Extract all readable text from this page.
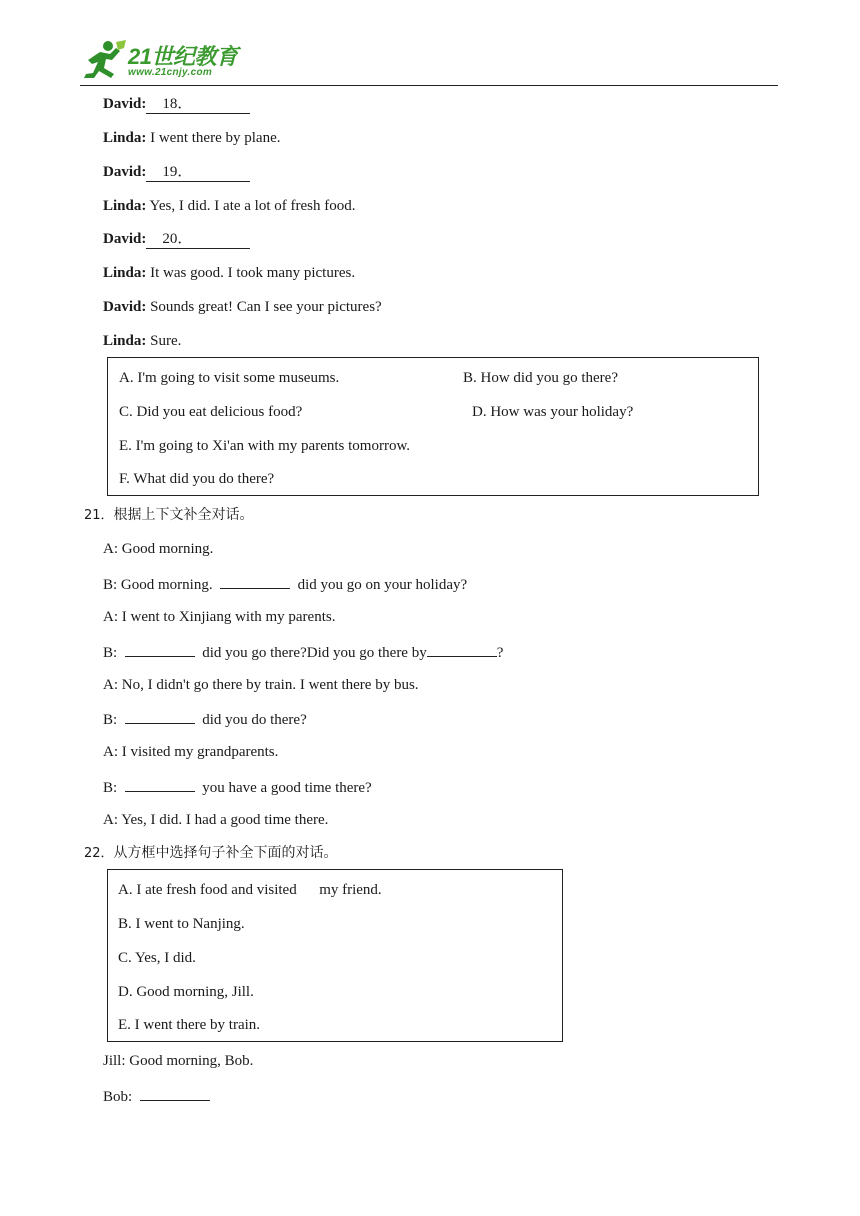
21世纪教育
www.21cnjy.com
David: 18．
Linda: I went there by plane.
David: 19．
Linda: Yes, I did. I ate a lot of fresh food.
David: 20．
Linda: It was good. I took many pictures.
David: Sounds great! Can I see your pictures?
Linda: Sure.
A. I'm going to visit some museums.	B. How did you go there?
C. Did you eat delicious food?	D. How was your holiday?
E. I'm going to Xi'an with my parents tomorrow.
F. What did you do there?
21．根据上下文补全对话。
A: Good morning.
B: Good morning.	did you go on your holiday?
A: I went to Xinjiang with my parents.
B:	did you go there?Did you go there by	?
A: No, I didn't go there by train. I went there by bus.
B:	did you do there?
A: I visited my grandparents.
B:	you have a good time there?
A: Yes, I did. I had a good time there.
22．从方框中选择句子补全下面的对话。
A. I ate fresh food and visited      my friend.
B. I went to Nanjing.
C. Yes, I did.
D. Good morning, Jill.
E. I went there by train.
Jill: Good morning, Bob.
Bob:
